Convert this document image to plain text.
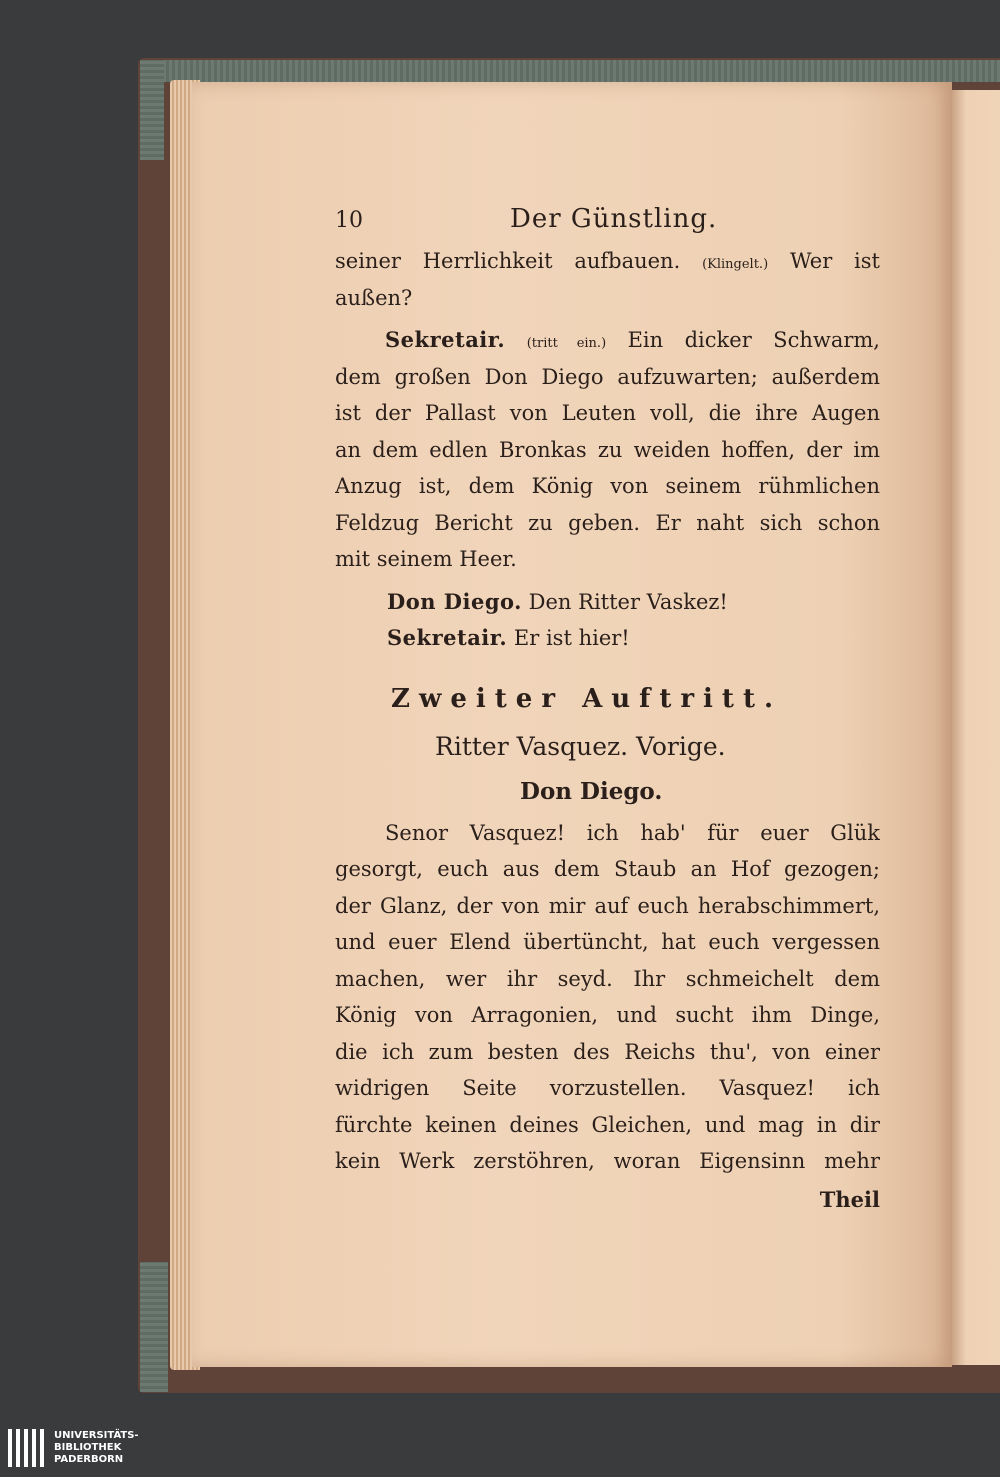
10	Der Günstling.
seiner Herrlichkeit aufbauen. (Klingelt.) Wer ist
außen?
Sekretair. (tritt ein.) Ein dicker Schwarm,
dem großen Don Diego aufzuwarten; außerdem
ist der Pallast von Leuten voll, die ihre Augen
an dem edlen Bronkas zu weiden hoffen, der im
Anzug ist, dem König von seinem rühmlichen
Feldzug Bericht zu geben. Er naht sich schon
mit seinem Heer.
Don Diego. Den Ritter Vaskez!
Sekretair. Er ist hier!
Zweiter Auftritt.
Ritter Vasquez. Vorige.
Don Diego.
Senor Vasquez! ich hab' für euer Glük
gesorgt, euch aus dem Staub an Hof gezogen;
der Glanz, der von mir auf euch herabschimmert,
und euer Elend übertüncht, hat euch vergessen
machen, wer ihr seyd. Ihr schmeichelt dem
König von Arragonien, und sucht ihm Dinge,
die ich zum besten des Reichs thu', von einer
widrigen Seite vorzustellen. Vasquez! ich
fürchte keinen deines Gleichen, und mag in dir
kein Werk zerstöhren, woran Eigensinn mehr
Theil
UNIVERSITÄTS-
BIBLIOTHEK
PADERBORN
